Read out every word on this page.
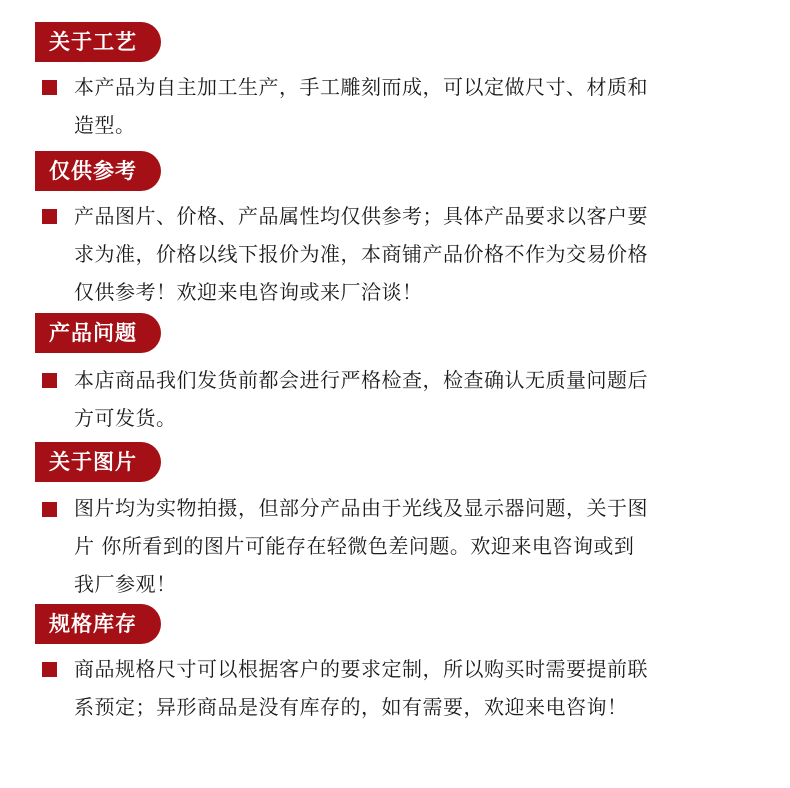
关于工艺
本产品为自主加工生产，手工雕刻而成，可以定做尺寸、材质和
造型。
仅供参考
产品图片、价格、产品属性均仅供参考；具体产品要求以客户要
求为准，价格以线下报价为准，本商铺产品价格不作为交易价格
仅供参考！欢迎来电咨询或来厂洽谈！
产品问题
本店商品我们发货前都会进行严格检查，检查确认无质量问题后
方可发货。
关于图片
图片均为实物拍摄，但部分产品由于光线及显示器问题，关于图
片 你所看到的图片可能存在轻微色差问题。欢迎来电咨询或到
我厂参观！
规格库存
商品规格尺寸可以根据客户的要求定制，所以购买时需要提前联
系预定；异形商品是没有库存的，如有需要，欢迎来电咨询！
